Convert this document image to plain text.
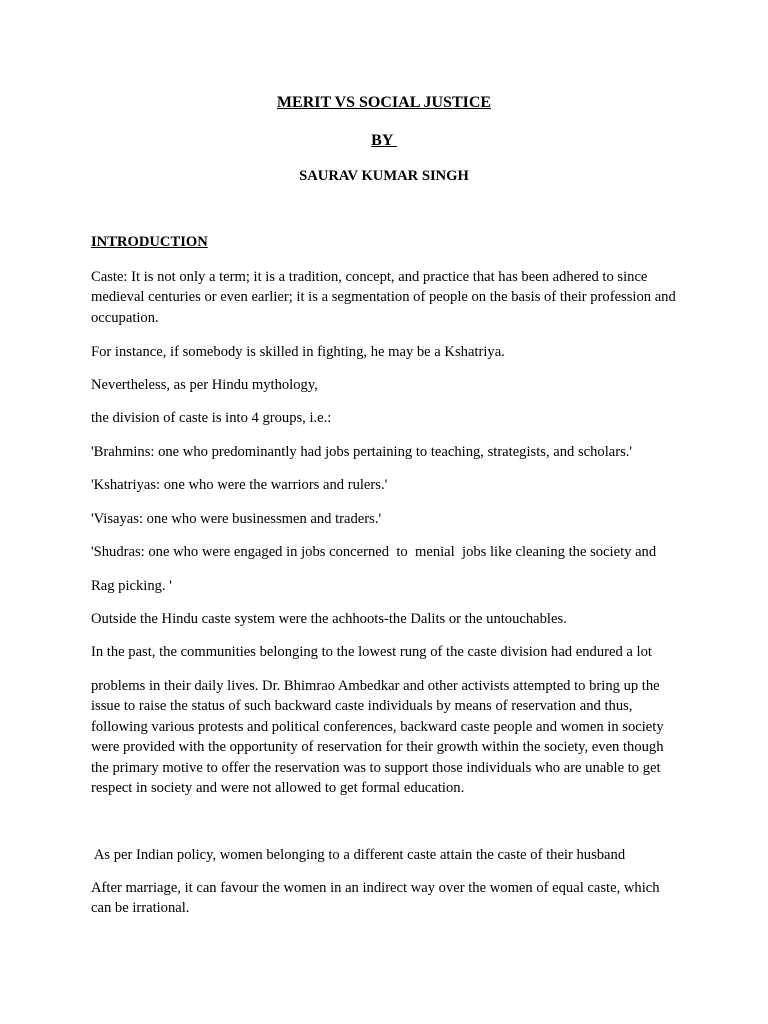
MERIT VS SOCIAL JUSTICE

BY

SAURAV KUMAR SINGH

INTRODUCTION

Caste: It is not only a term; it is a tradition, concept, and practice that has been adhered to since medieval centuries or even earlier; it is a segmentation of people on the basis of their profession and occupation.

For instance, if somebody is skilled in fighting, he may be a Kshatriya.

Nevertheless, as per Hindu mythology,

the division of caste is into 4 groups, i.e.:

'Brahmins: one who predominantly had jobs pertaining to teaching, strategists, and scholars.'

'Kshatriyas: one who were the warriors and rulers.'

'Visayas: one who were businessmen and traders.'

'Shudras: one who were engaged in jobs concerned  to  menial  jobs like cleaning the society and

Rag picking. '

Outside the Hindu caste system were the achhoots-the Dalits or the untouchables.

In the past, the communities belonging to the lowest rung of the caste division had endured a lot

problems in their daily lives. Dr. Bhimrao Ambedkar and other activists attempted to bring up the issue to raise the status of such backward caste individuals by means of reservation and thus, following various protests and political conferences, backward caste people and women in society were provided with the opportunity of reservation for their growth within the society, even though the primary motive to offer the reservation was to support those individuals who are unable to get respect in society and were not allowed to get formal education.

As per Indian policy, women belonging to a different caste attain the caste of their husband

After marriage, it can favour the women in an indirect way over the women of equal caste, which can be irrational.
